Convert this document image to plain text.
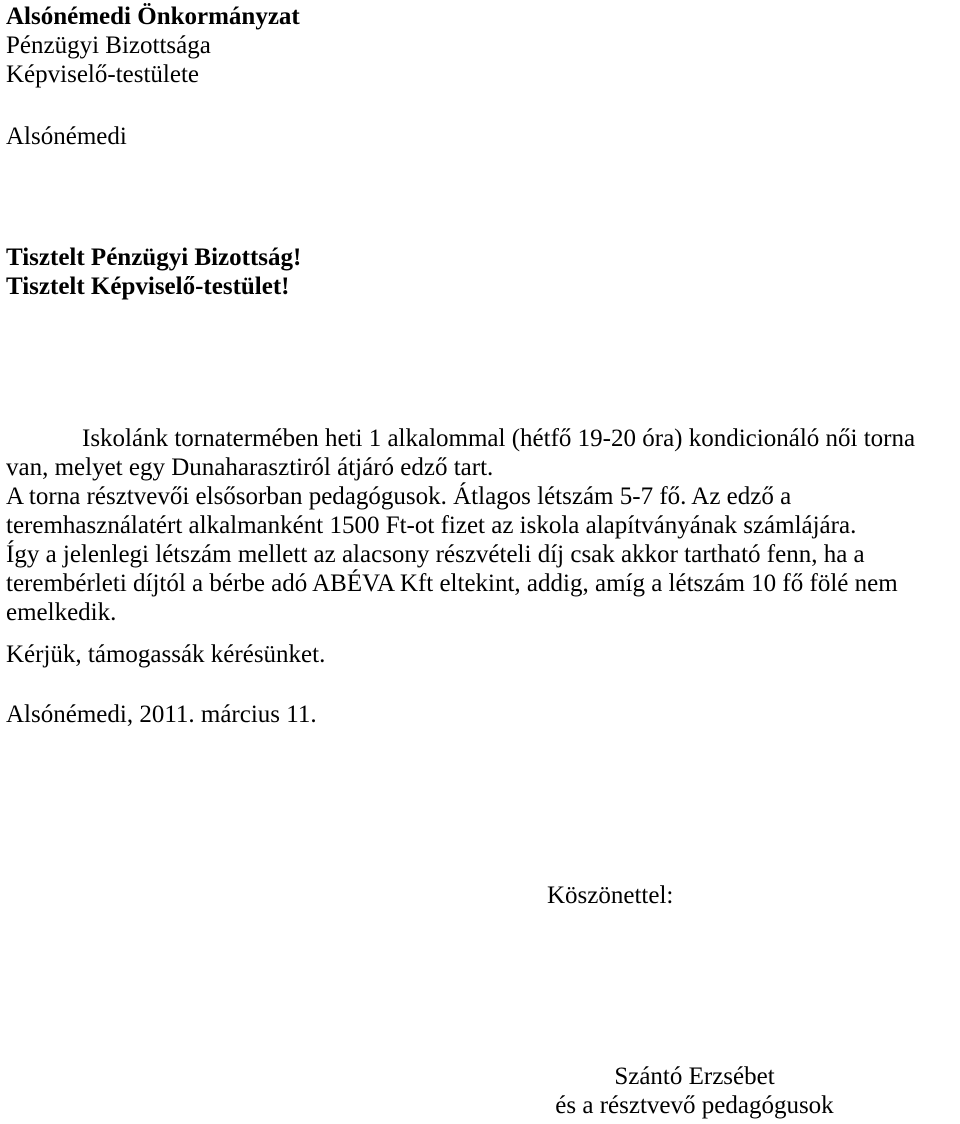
Alsónémedi Önkormányzat
Pénzügyi Bizottsága
Képviselő-testülete
Alsónémedi
Tisztelt Pénzügyi Bizottság!
Tisztelt Képviselő-testület!
Iskolánk tornatermében heti 1 alkalommal (hétfő 19-20 óra) kondicionáló női torna
van, melyet egy Dunaharasztiról átjáró edző tart.
A torna résztvevői elsősorban pedagógusok. Átlagos létszám 5-7 fő. Az edző a
teremhasználatért alkalmanként 1500 Ft-ot fizet az iskola alapítványának számlájára.
Így a jelenlegi létszám mellett az alacsony részvételi díj csak akkor tartható fenn, ha a
terembérleti díjtól a bérbe adó ABÉVA Kft eltekint, addig, amíg a létszám 10 fő fölé nem
emelkedik.
Kérjük, támogassák kérésünket.
Alsónémedi, 2011. március 11.
Köszönettel:
Szántó Erzsébet
és a résztvevő pedagógusok
